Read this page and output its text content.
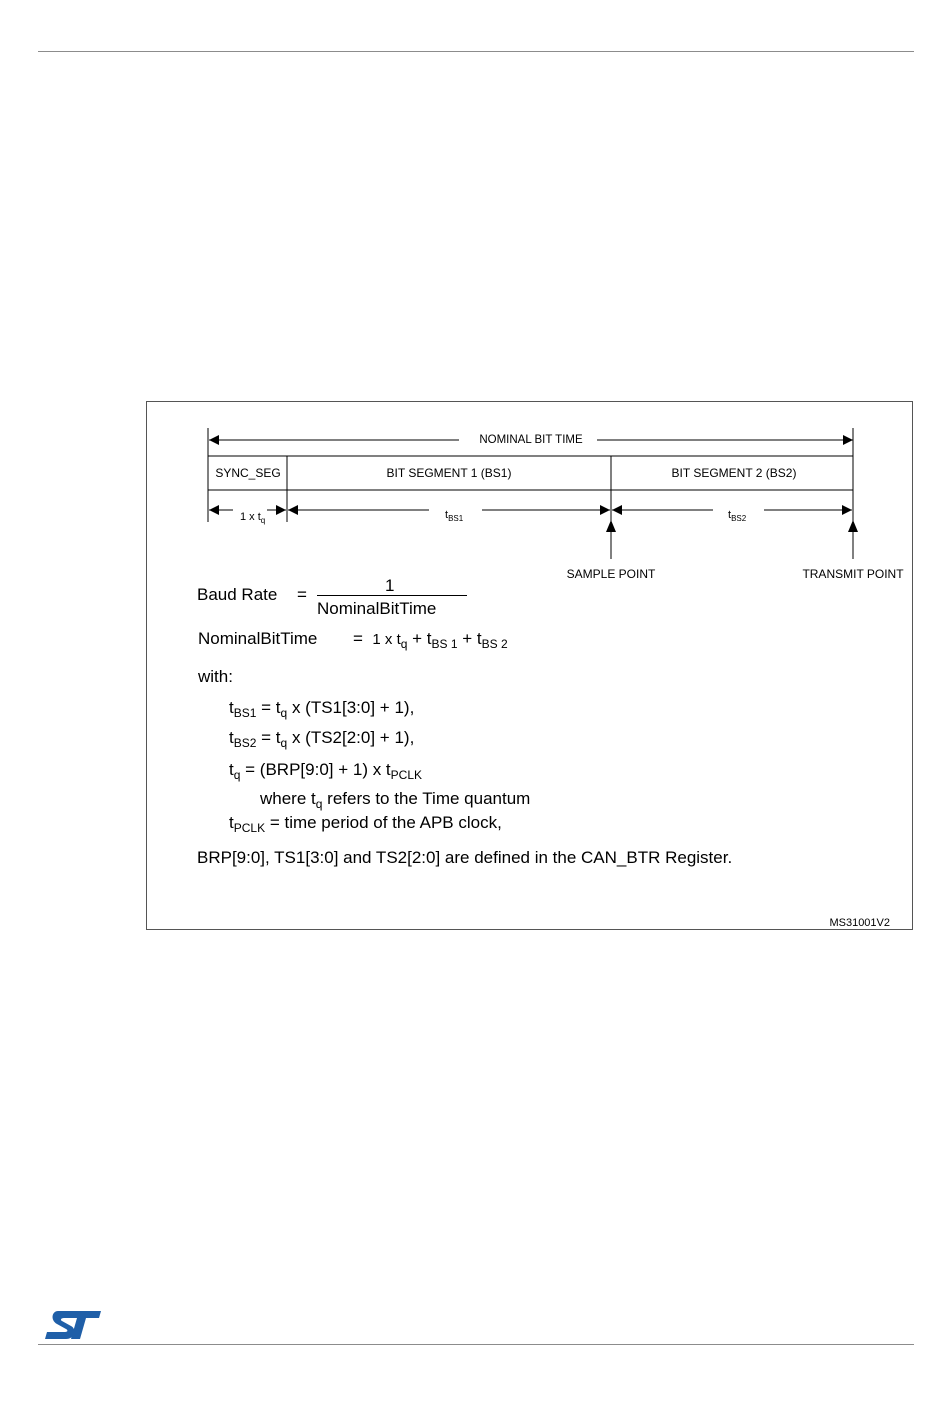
NOMINAL BIT TIME
SYNC_SEG	BIT SEGMENT 1 (BS1)	BIT SEGMENT 2 (BS2)
1 x $t_q$	$t_{BS1}$	$t_{BS2}$
SAMPLE POINT	TRANSMIT POINT
Baud Rate =	1
NominalBitTime
NominalBitTime = 1 x $t_q + t_{BS 1} + t_{BS 2}$
with:
$t_{BS1} = t_q$ x (TS1[3:0] + 1),
$t_{BS2} = t_q$ x (TS2[2:0] + 1),
$t_q$ = (BRP[9:0] + 1) x $t_{PCLK}$
where $t_q$ refers to the Time quantum
$t_{PCLK}$ = time period of the APB clock,
BRP[9:0], TS1[3:0] and TS2[2:0] are defined in the CAN_BTR Register.
MS31001V2
